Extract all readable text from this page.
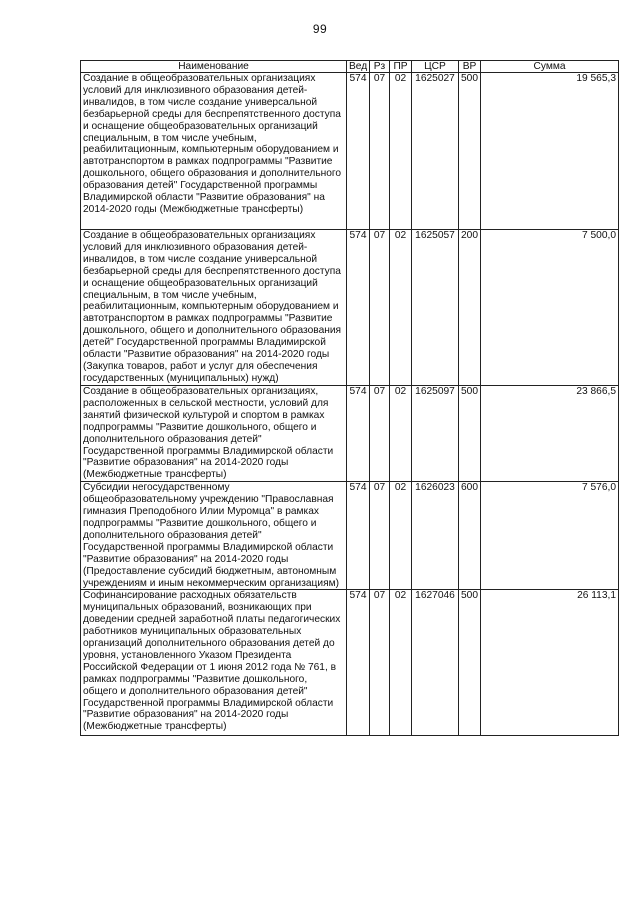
99
Наименование	Вед	Рз	ПР	ЦСР	ВР	Сумма
Создание в общеобразовательных организациях условий для инклюзивного образования детей-инвалидов, в том числе создание универсальной безбарьерной среды для беспрепятственного доступа и оснащение общеобразовательных организаций специальным, в том числе учебным, реабилитационным, компьютерным оборудованием и автотранспортом в рамках подпрограммы "Развитие дошкольного, общего образования и дополнительного образования детей" Государственной программы Владимирской области "Развитие образования" на 2014-2020 годы (Межбюджетные трансферты)	574	07	02	1625027	500	19 565,3
Создание в общеобразовательных организациях условий для инклюзивного образования детей-инвалидов, в том числе создание универсальной безбарьерной среды для беспрепятственного доступа и оснащение общеобразовательных организаций специальным, в том числе учебным, реабилитационным, компьютерным оборудованием и автотранспортом в рамках подпрограммы "Развитие дошкольного, общего и дополнительного образования детей" Государственной программы Владимирской области "Развитие образования" на 2014-2020 годы (Закупка товаров, работ и услуг для обеспечения государственных (муниципальных) нужд)	574	07	02	1625057	200	7 500,0
Создание в общеобразовательных организациях, расположенных в сельской местности, условий для занятий физической культурой и спортом в рамках подпрограммы "Развитие дошкольного, общего и дополнительного образования детей" Государственной программы Владимирской области "Развитие образования" на 2014-2020 годы (Межбюджетные трансферты)	574	07	02	1625097	500	23 866,5
Субсидии негосударственному общеобразовательному учреждению "Православная гимназия Преподобного Илии Муромца" в рамках подпрограммы "Развитие дошкольного, общего и дополнительного образования детей" Государственной программы Владимирской области "Развитие образования" на 2014-2020 годы (Предоставление субсидий бюджетным, автономным учреждениям и иным некоммерческим организациям)	574	07	02	1626023	600	7 576,0
Софинансирование расходных обязательств муниципальных образований, возникающих при доведении средней заработной платы педагогических работников муниципальных образовательных организаций дополнительного образования детей до уровня, установленного Указом Президента Российской Федерации от 1 июня 2012 года № 761, в рамках подпрограммы "Развитие дошкольного, общего и дополнительного образования детей" Государственной программы Владимирской области "Развитие образования" на 2014-2020 годы (Межбюджетные трансферты)	574	07	02	1627046	500	26 113,1
